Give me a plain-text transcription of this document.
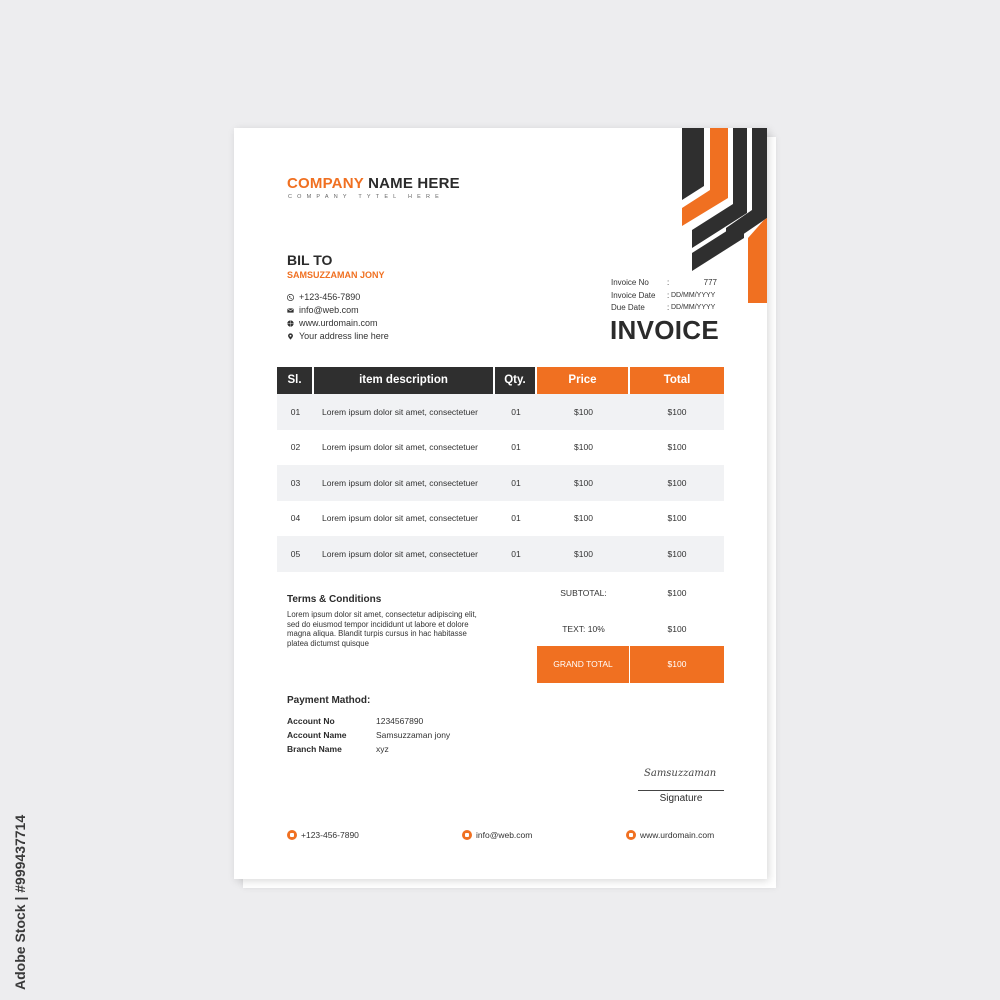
Adobe Stock | #999437714
COMPANY NAME HERE
COMPANY TYTEL HERE
BIL TO
SAMSUZZAMAN JONY
+123-456-7890
info@web.com
www.urdomain.com
Your address line here
Invoice No	:	777
Invoice Date	: DD/MM/YYYY
Due Date	: DD/MM/YYYY
INVOICE
Sl.	item description	Qty.	Price	Total
01	Lorem ipsum dolor sit amet, consectetuer	01	$100	$100
02	Lorem ipsum dolor sit amet, consectetuer	01	$100	$100
03	Lorem ipsum dolor sit amet, consectetuer	01	$100	$100
04	Lorem ipsum dolor sit amet, consectetuer	01	$100	$100
05	Lorem ipsum dolor sit amet, consectetuer	01	$100	$100
Terms & Conditions
Lorem ipsum dolor sit amet, consectetur adipiscing elit, sed do eiusmod tempor incididunt ut labore et dolore magna aliqua. Blandit turpis cursus in hac habitasse platea dictumst quisque
SUBTOTAL:	$100
TEXT: 10%	$100
GRAND TOTAL	$100
Payment Mathod:
Account No	1234567890
Account Name	Samsuzzaman jony
Branch Name	xyz
Samsuzzaman
Signature
+123-456-7890	info@web.com	www.urdomain.com
